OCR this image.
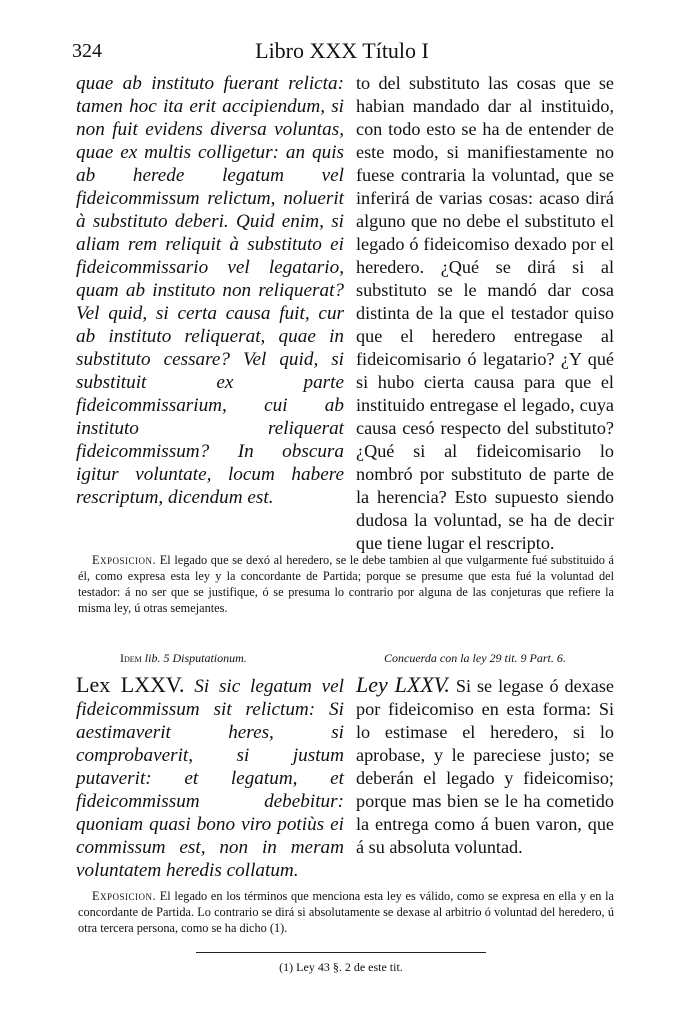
324	Libro XXX Título I
quae ab instituto fuerant relicta: tamen hoc ita erit accipiendum, si non fuit evidens diversa voluntas, quae ex multis colligetur: an quis ab herede legatum vel fideicommissum relictum, noluerit à substituto deberi. Quid enim, si aliam rem reliquit à substituto ei fideicommissario vel legatario, quam ab instituto non reliquerat? Vel quid, si certa causa fuit, cur ab instituto reliquerat, quae in substituto cessare? Vel quid, si substituit ex parte fideicommissarium, cui ab instituto reliquerat fideicommissum? In obscura igitur voluntate, locum habere rescriptum, dicendum est.
to del substituto las cosas que se habian mandado dar al instituido, con todo esto se ha de entender de este modo, si manifiestamente no fuese contraria la voluntad, que se inferirá de varias cosas: acaso dirá alguno que no debe el substituto el legado ó fideicomiso dexado por el heredero. ¿Qué se dirá si al substituto se le mandó dar cosa distinta de la que el testador quiso que el heredero entregase al fideicomisario ó legatario? ¿Y qué si hubo cierta causa para que el instituido entregase el legado, cuya causa cesó respecto del substituto? ¿Qué si al fideicomisario lo nombró por substituto de parte de la herencia? Esto supuesto siendo dudosa la voluntad, se ha de decir que tiene lugar el rescripto.
Exposicion. El legado que se dexó al heredero, se le debe tambien al que vulgarmente fué substituido á él, como expresa esta ley y la concordante de Partida; porque se presume que esta fué la voluntad del testador: á no ser que se justifique, ó se presuma lo contrario por alguna de las conjeturas que refiere la misma ley, ú otras semejantes.
Idem lib. 5 Disputationum.	Concuerda con la ley 29 tit. 9 Part. 6.
Lex LXXV. Si sic legatum vel fideicommissum sit relictum: Si aestimaverit heres, si comprobaverit, si justum putaverit: et legatum, et fideicommissum debebitur: quoniam quasi bono viro potiùs ei commissum est, non in meram voluntatem heredis collatum.
Ley LXXV. Si se legase ó dexase por fideicomiso en esta forma: Si lo estimase el heredero, si lo aprobase, y le pareciese justo; se deberán el legado y fideicomiso; porque mas bien se le ha cometido la entrega como á buen varon, que á su absoluta voluntad.
Exposicion. El legado en los términos que menciona esta ley es válido, como se expresa en ella y en la concordante de Partida. Lo contrario se dirá si absolutamente se dexase al arbitrio ó voluntad del heredero, ú otra tercera persona, como se ha dicho (1).
(1) Ley 43 §. 2 de este tit.
